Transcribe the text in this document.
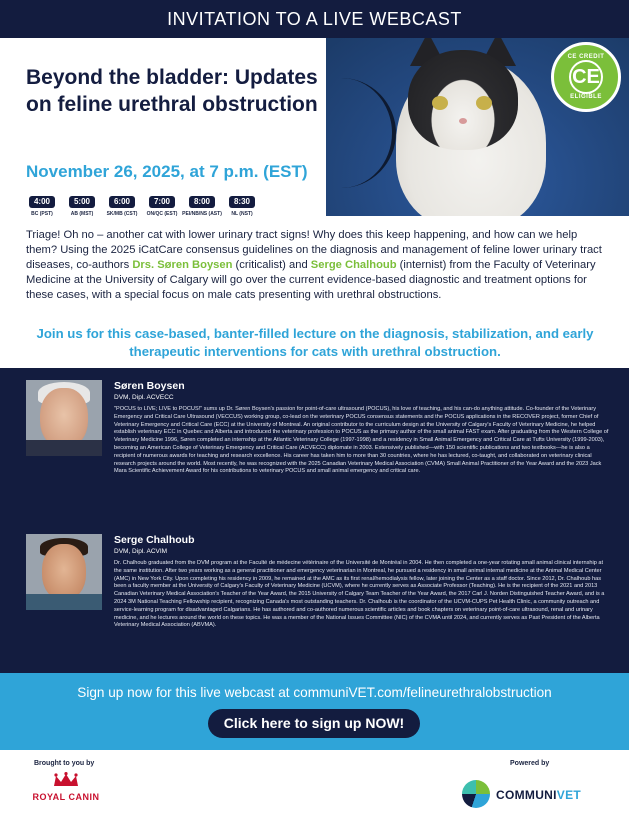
INVITATION TO A LIVE WEBCAST
Beyond the bladder: Updates on feline urethral obstruction
November 26, 2025, at 7 p.m. (EST)
4:00
BC (PST)
5:00
AB (MST)
6:00
SK/MB (CST)
7:00
ON/QC (EST)
8:00
PEI/NB/NS (AST)
8:30
NL (NST)
CE CREDIT
CE
ELIGIBLE

Triage! Oh no – another cat with lower urinary tract signs! Why does this keep happening, and how can we help them? Using the 2025 iCatCare consensus guidelines on the diagnosis and management of feline lower urinary tract diseases, co-authors Drs. Søren Boysen (criticalist) and Serge Chalhoub (internist) from the Faculty of Veterinary Medicine at the University of Calgary will go over the current evidence-based diagnostic and treatment options for these cases, with a special focus on male cats presenting with urethral obstructions.

Join us for this case-based, banter-filled lecture on the diagnosis, stabilization, and early therapeutic interventions for cats with urethral obstruction.

Søren Boysen
DVM, Dipl. ACVECC
"POCUS to LIVE; LIVE to POCUS!" sums up Dr. Søren Boysen's passion for point-of-care ultrasound (POCUS), his love of teaching, and his can-do anything attitude. Co-founder of the Veterinary Emergency and Critical Care Ultrasound (VECCUS) working group, co-lead on the veterinary POCUS consensus statements and the POCUS applications in the RECOVER project, former Chief of Veterinary Emergency and Critical Care (ECC) at the University of Montreal. An original contributor to the curriculum design at the University of Calgary's Faculty of Veterinary Medicine, he helped establish veterinary ECC in Quebec and Alberta and introduced the veterinary profession to POCUS as the primary author of the small animal FAST exam. After graduating from the Western College of Veterinary Medicine 1996, Søren completed an internship at the Atlantic Veterinary College (1997-1998) and a residency in Small Animal Emergency and Critical Care at Tufts University (1999-2003), becoming an American College of Veterinary Emergency and Critical Care (ACVECC) diplomate in 2003. Extensively published—with 150 scientific publications and two textbooks—he is also a recipient of numerous awards for teaching and research excellence. His career has taken him to more than 30 countries, where he has lectured, co-taught, and collaborated on veterinary clinical research projects around the world. Most recently, he was recognized with the 2025 Canadian Veterinary Medical Association (CVMA) Small Animal Practitioner of the Year Award and the 2023 Jack Mara Scientific Achievement Award for his contributions to veterinary POCUS and small animal emergency and critical care.
Serge Chalhoub
DVM, Dipl. ACVIM
Dr. Chalhoub graduated from the DVM program at the Faculté de médecine vétérinaire of the Université de Montréal in 2004. He then completed a one-year rotating small animal clinical internship at the same institution. After two years working as a general practitioner and emergency veterinarian in Montreal, he pursued a residency in small animal internal medicine at the Animal Medical Center (AMC) in New York City. Upon completing his residency in 2009, he remained at the AMC as its first renal/hemodialysis fellow, later joining the Center as a staff doctor. Since 2012, Dr. Chalhoub has been a faculty member at the University of Calgary's Faculty of Veterinary Medicine (UCVM), where he currently serves as Associate Professor (Teaching). He is the recipient of the 2021 and 2013 Canadian Veterinary Medical Association's Teacher of the Year Award, the 2015 University of Calgary Team Teacher of the Year Award, the 2017 Carl J. Norden Distinguished Teacher Award, and is a 2024 3M National Teaching Fellowship recipient, recognizing Canada's most outstanding teachers. Dr. Chalhoub is the coordinator of the UCVM-CUPS Pet Health Clinic, a community outreach and service-learning program for disadvantaged Calgarians. He has authored and co-authored numerous scientific articles and book chapters on veterinary point-of-care ultrasound, renal and urinary medicine, and he lectures around the world on these topics. He was a member of the National Issues Committee (NIC) of the CVMA until 2024, and currently serves as Past President of the Alberta Veterinary Medical Association (ABVMA).
Sign up now for this live webcast at communiVET.com/felineurethralobstruction
Click here to sign up NOW!
Brought to you by
ROYAL CANIN
Powered by
COMMUNIVET
